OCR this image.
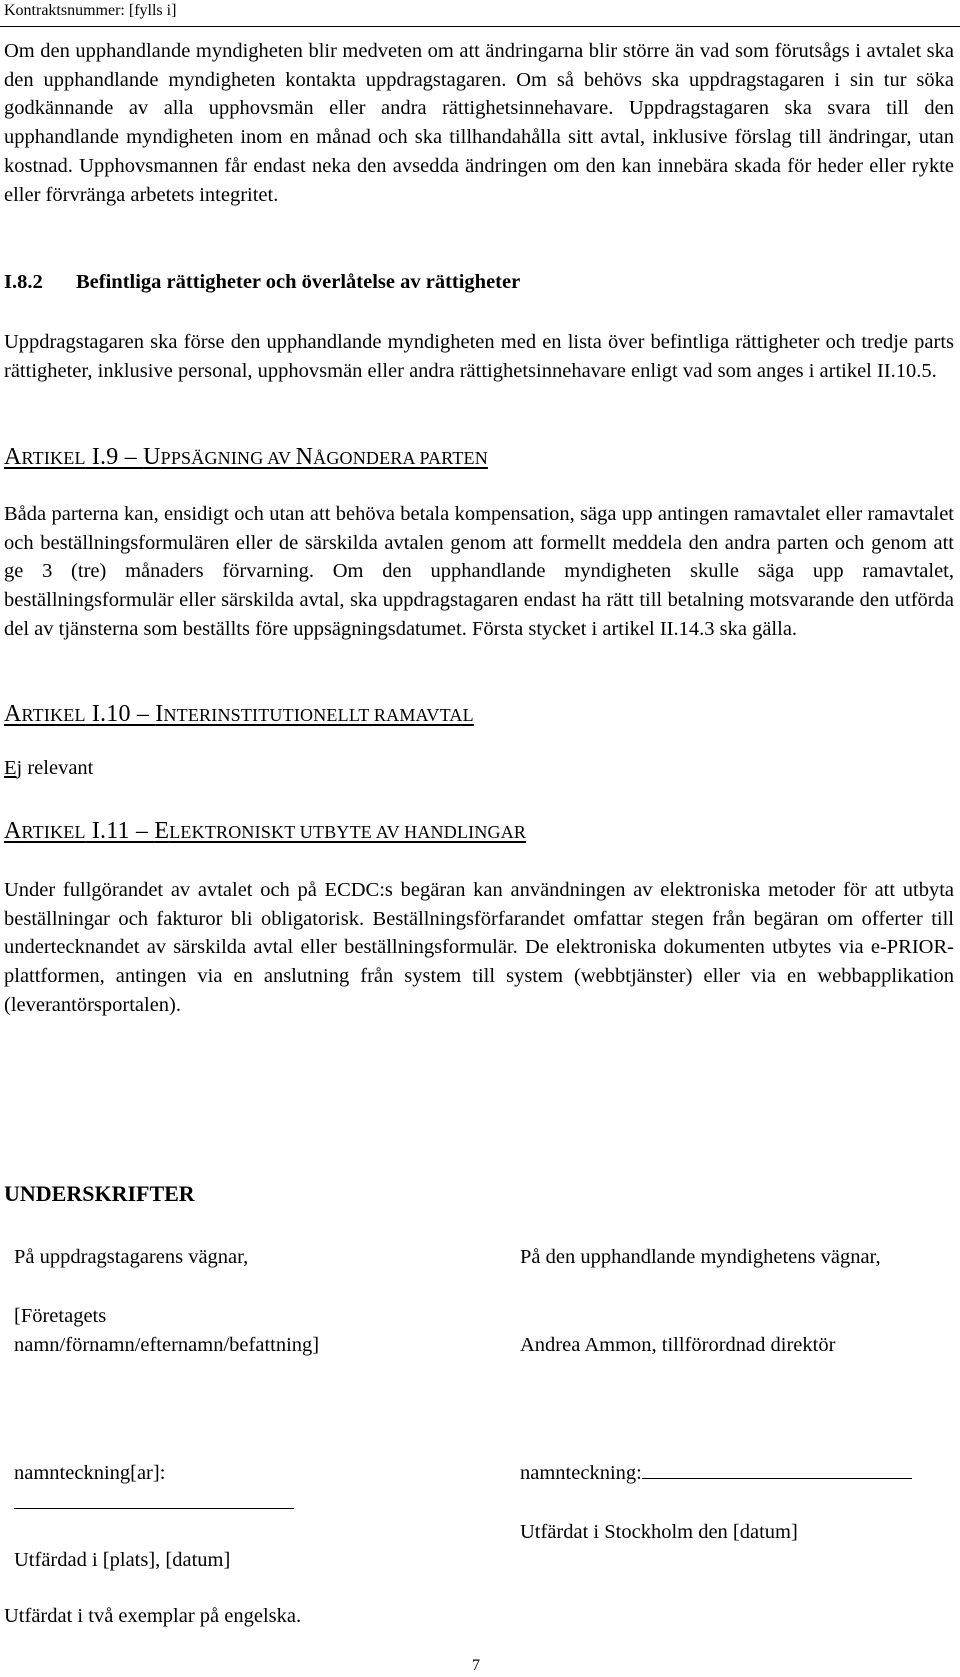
Kontraktsnummer: [fylls i]

Om den upphandlande myndigheten blir medveten om att ändringarna blir större än vad som förutsågs i avtalet ska den upphandlande myndigheten kontakta uppdragstagaren. Om så behövs ska uppdragstagaren i sin tur söka godkännande av alla upphovsmän eller andra rättighetsinnehavare. Uppdragstagaren ska svara till den upphandlande myndigheten inom en månad och ska tillhandahålla sitt avtal, inklusive förslag till ändringar, utan kostnad. Upphovsmannen får endast neka den avsedda ändringen om den kan innebära skada för heder eller rykte eller förvränga arbetets integritet.

I.8.2 Befintliga rättigheter och överlåtelse av rättigheter

Uppdragstagaren ska förse den upphandlande myndigheten med en lista över befintliga rättigheter och tredje parts rättigheter, inklusive personal, upphovsmän eller andra rättighetsinnehavare enligt vad som anges i artikel II.10.5.

ARTIKEL I.9 – UPPSÄGNING AV NÅGONDERA PARTEN

Båda parterna kan, ensidigt och utan att behöva betala kompensation, säga upp antingen ramavtalet eller ramavtalet och beställningsformulären eller de särskilda avtalen genom att formellt meddela den andra parten och genom att ge 3 (tre) månaders förvarning. Om den upphandlande myndigheten skulle säga upp ramavtalet, beställningsformulär eller särskilda avtal, ska uppdragstagaren endast ha rätt till betalning motsvarande den utförda del av tjänsterna som beställts före uppsägningsdatumet. Första stycket i artikel II.14.3 ska gälla.

ARTIKEL I.10 – INTERINSTITUTIONELLT RAMAVTAL
Ej relevant
ARTIKEL I.11 – ELEKTRONISKT UTBYTE AV HANDLINGAR

Under fullgörandet av avtalet och på ECDC:s begäran kan användningen av elektroniska metoder för att utbyta beställningar och fakturor bli obligatorisk. Beställningsförfarandet omfattar stegen från begäran om offerter till undertecknandet av särskilda avtal eller beställningsformulär. De elektroniska dokumenten utbytes via e-PRIOR-plattformen, antingen via en anslutning från system till system (webbtjänster) eller via en webbapplikation (leverantörsportalen).

UNDERSKRIFTER
På uppdragstagarens vägnar,

[Företagets

namn/förnamn/efternamn/befattning]

namnteckning[ar]:
Utfärdad i [plats], [datum]
På den upphandlande myndighetens vägnar,
Andrea Ammon, tillförordnad direktör
namnteckning:
Utfärdat i Stockholm den [datum]
Utfärdat i två exemplar på engelska.
7
